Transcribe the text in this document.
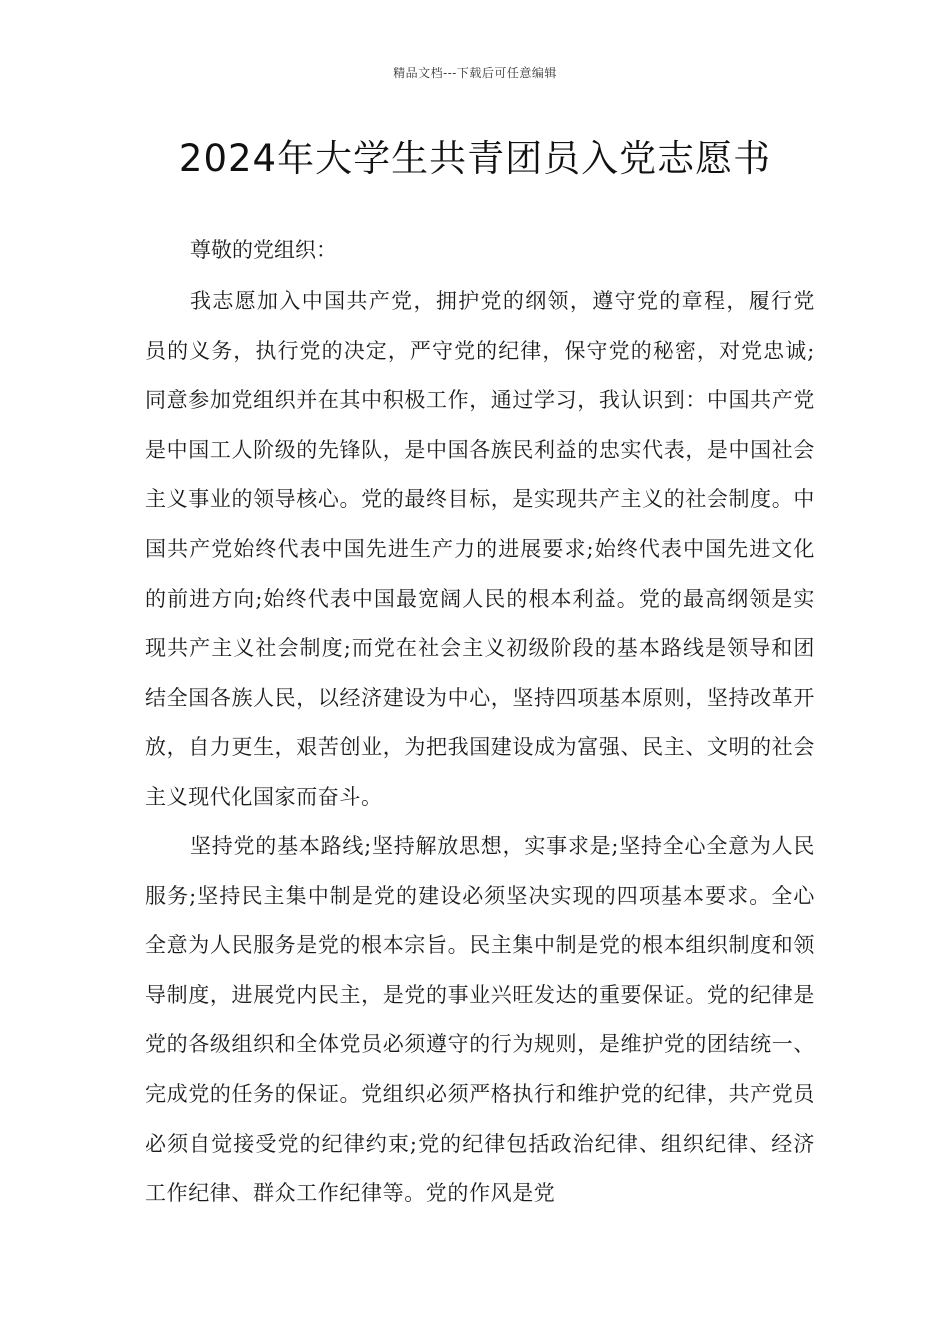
精品文档---下载后可任意编辑
2024年大学生共青团员入党志愿书

尊敬的党组织：

我志愿加入中国共产党，拥护党的纲领，遵守党的章程，履行党员的义务，执行党的决定，严守党的纪律，保守党的秘密，对党忠诚;同意参加党组织并在其中积极工作，通过学习，我认识到：中国共产党是中国工人阶级的先锋队，是中国各族民利益的忠实代表，是中国社会主义事业的领导核心。党的最终目标，是实现共产主义的社会制度。中国共产党始终代表中国先进生产力的进展要求;始终代表中国先进文化的前进方向;始终代表中国最宽阔人民的根本利益。党的最高纲领是实现共产主义社会制度;而党在社会主义初级阶段的基本路线是领导和团结全国各族人民，以经济建设为中心，坚持四项基本原则，坚持改革开放，自力更生，艰苦创业，为把我国建设成为富强、民主、文明的社会主义现代化国家而奋斗。

坚持党的基本路线;坚持解放思想，实事求是;坚持全心全意为人民服务;坚持民主集中制是党的建设必须坚决实现的四项基本要求。全心全意为人民服务是党的根本宗旨。民主集中制是党的根本组织制度和领导制度，进展党内民主，是党的事业兴旺发达的重要保证。党的纪律是党的各级组织和全体党员必须遵守的行为规则，是维护党的团结统一、完成党的任务的保证。党组织必须严格执行和维护党的纪律，共产党员必须自觉接受党的纪律约束;党的纪律包括政治纪律、组织纪律、经济工作纪律、群众工作纪律等。党的作风是党
